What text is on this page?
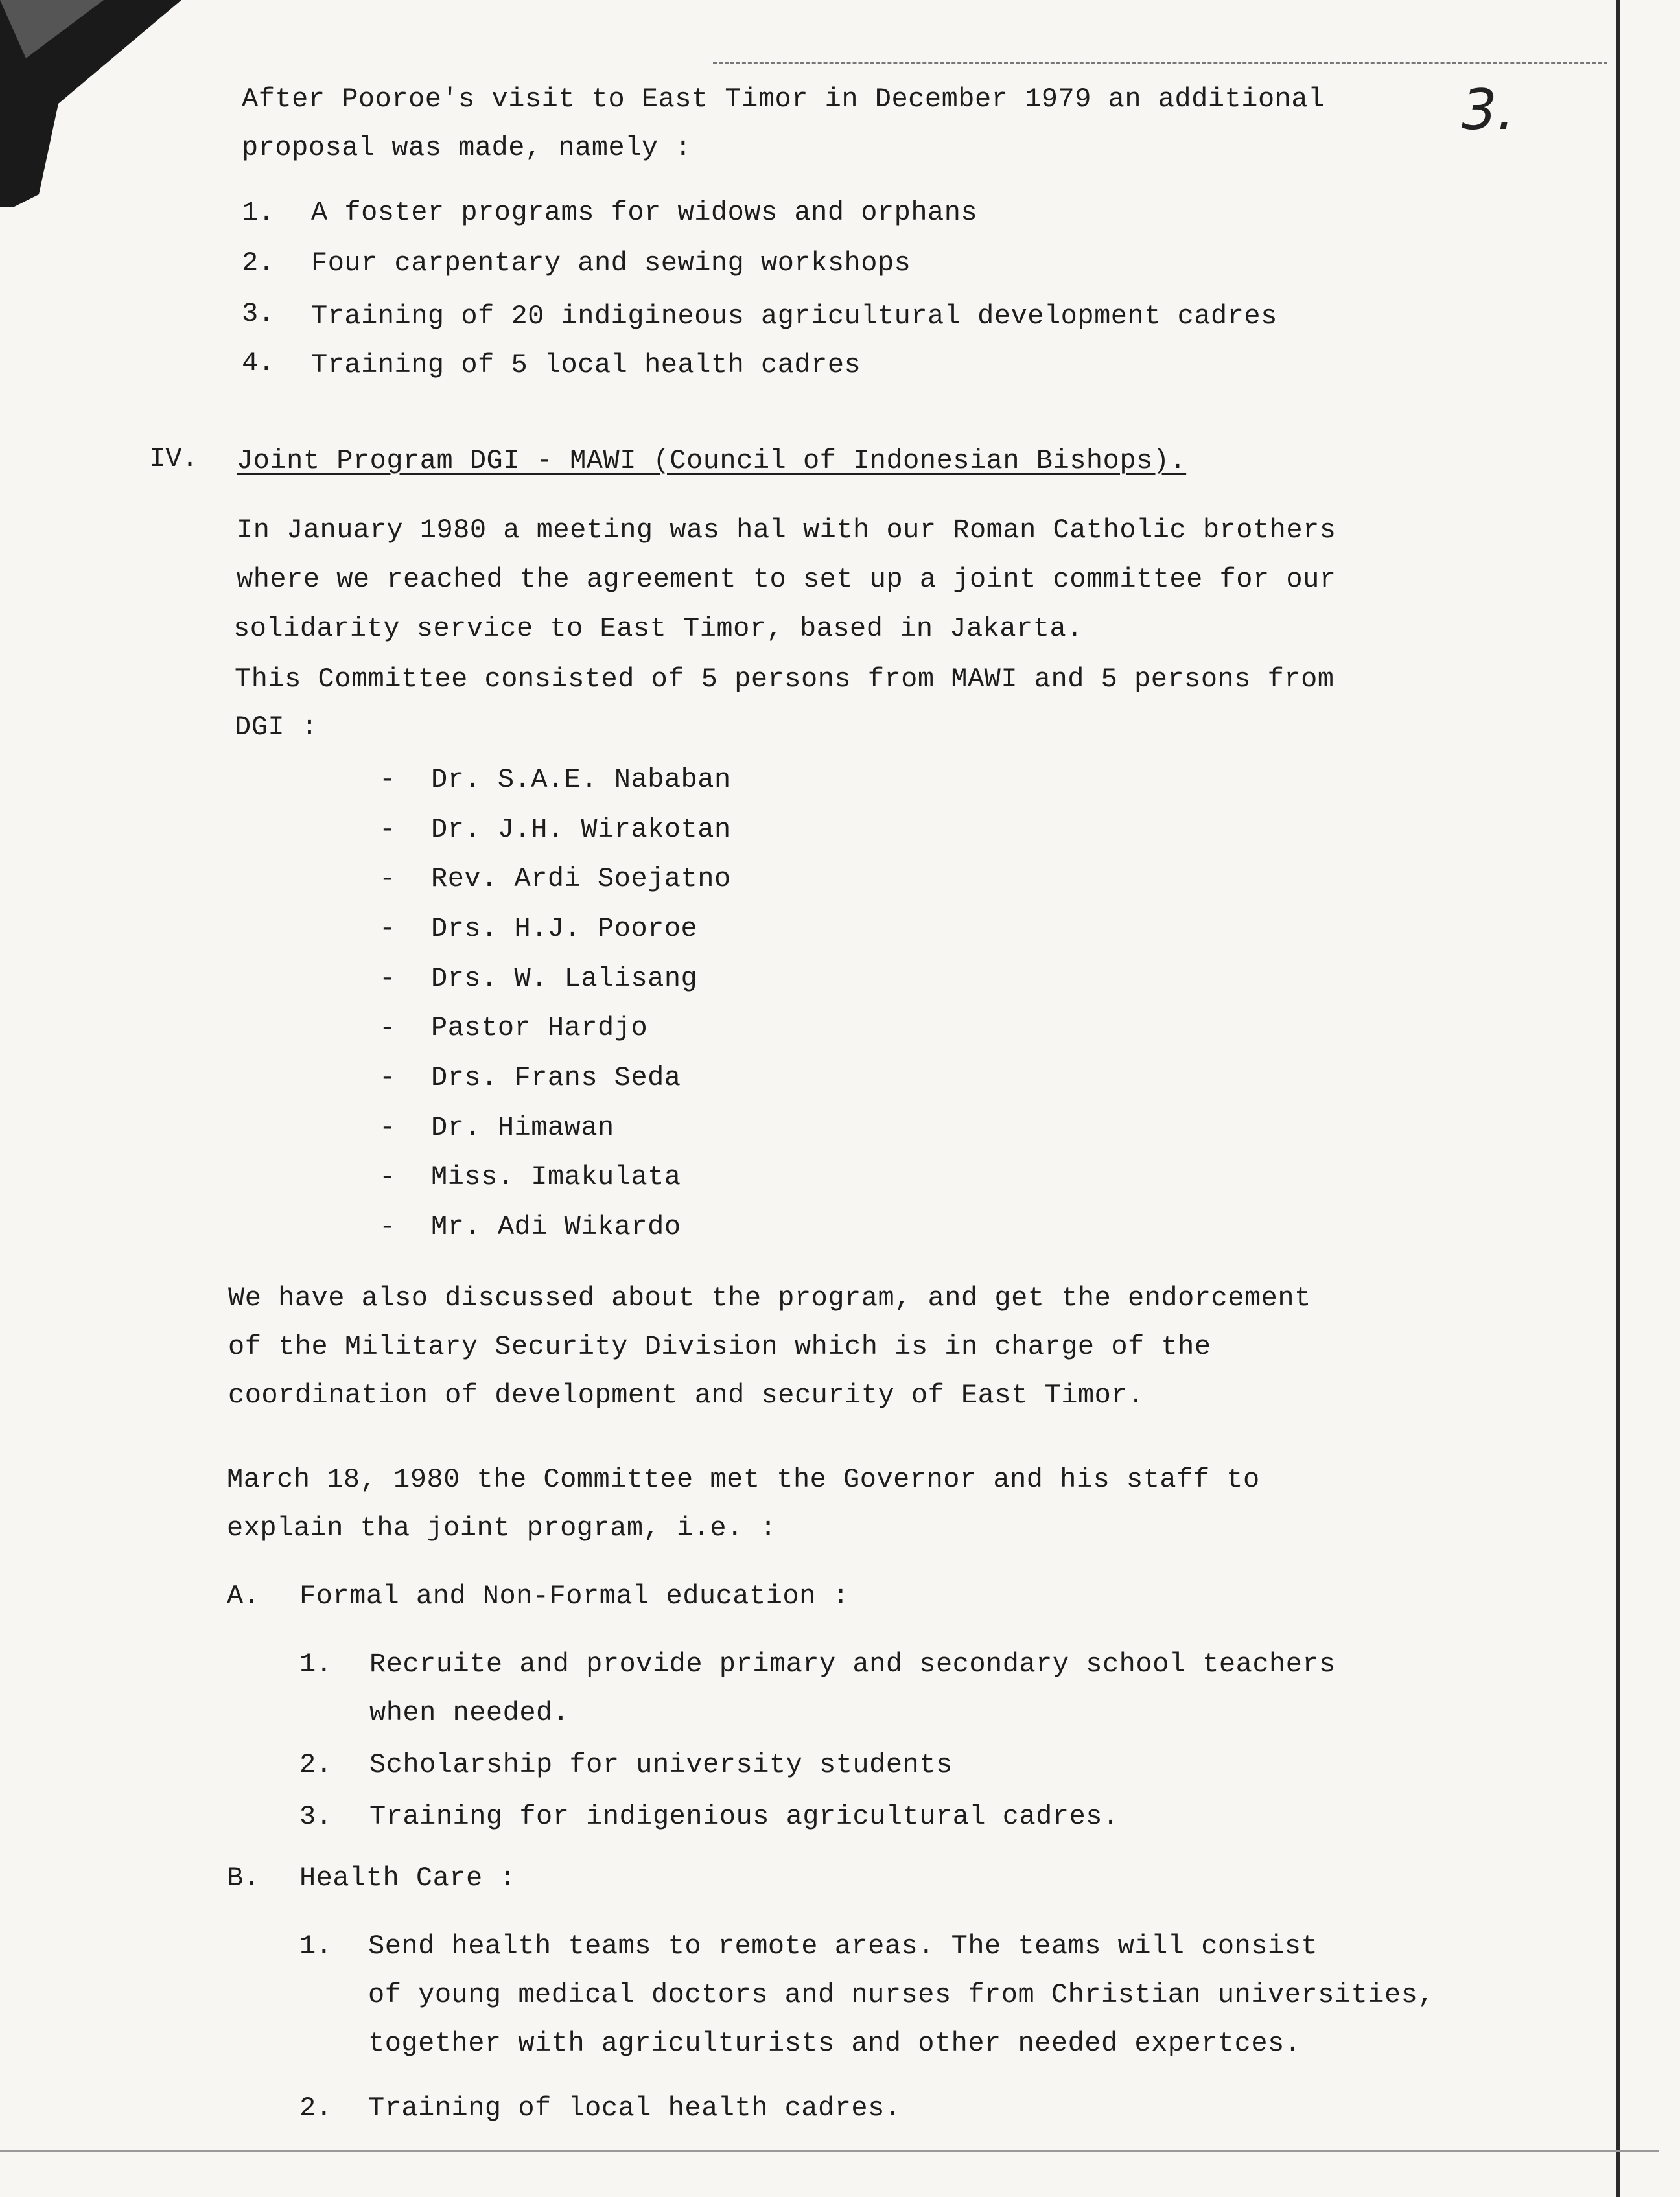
3.
After Pooroe's visit to East Timor in December 1979 an additional
proposal was made, namely :
1. A foster programs for widows and orphans
2. Four carpentary and sewing workshops
3. Training of 20 indigineous agricultural development cadres
4. Training of 5 local health cadres
IV. Joint Program DGI - MAWI (Council of Indonesian Bishops).
In January 1980 a meeting was hal with our Roman Catholic brothers
where we reached the agreement to set up a joint committee for our
solidarity service to East Timor, based in Jakarta.
This Committee consisted of 5 persons from MAWI and 5 persons from
DGI :
- Dr. S.A.E. Nababan
- Dr. J.H. Wirakotan
- Rev. Ardi Soejatno
- Drs. H.J. Pooroe
- Drs. W. Lalisang
- Pastor Hardjo
- Drs. Frans Seda
- Dr. Himawan
- Miss. Imakulata
- Mr. Adi Wikardo
We have also discussed about the program, and get the endorcement
of the Military Security Division which is in charge of the
coordination of development and security of East Timor.
March 18, 1980 the Committee met the Governor and his staff to
explain tha joint program, i.e. :
A. Formal and Non-Formal education :
1. Recruite and provide primary and secondary school teachers
when needed.
2. Scholarship for university students
3. Training for indigenious agricultural cadres.
B. Health Care :
1. Send health teams to remote areas. The teams will consist
of young medical doctors and nurses from Christian universities,
together with agriculturists and other needed expertces.
2. Training of local health cadres.
